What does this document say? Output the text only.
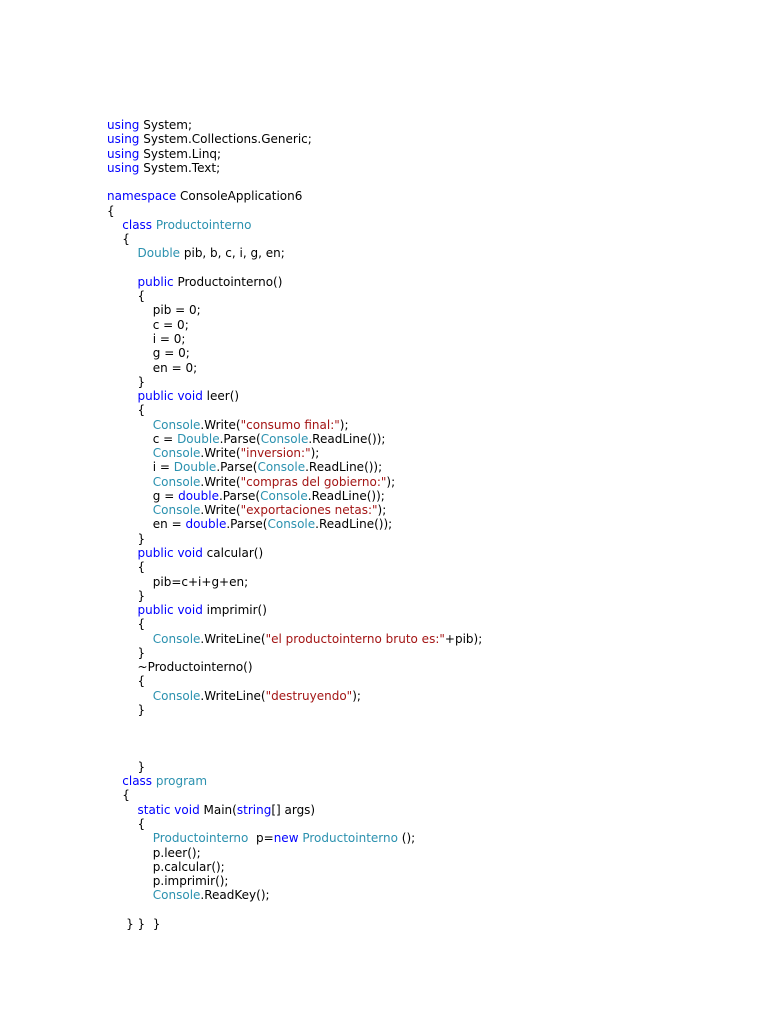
using System;
using System.Collections.Generic;
using System.Linq;
using System.Text;

namespace ConsoleApplication6
{
class Productointerno
{
Double pib, b, c, i, g, en;

public Productointerno()
{
pib = 0;
c = 0;
i = 0;
g = 0;
en = 0;
}
public void leer()
{
Console.Write("consumo final:");
c = Double.Parse(Console.ReadLine());
Console.Write("inversion:");
i = Double.Parse(Console.ReadLine());
Console.Write("compras del gobierno:");
g = double.Parse(Console.ReadLine());
Console.Write("exportaciones netas:");
en = double.Parse(Console.ReadLine());
}
public void calcular()
{
pib=c+i+g+en;
}
public void imprimir()
{
Console.WriteLine("el productointerno bruto es:"+pib);
}
~Productointerno()
{
Console.WriteLine("destruyendo");
}

}
class program
{
static void Main(string[] args)
{
Productointerno  p=new Productointerno ();
p.leer();
p.calcular();
p.imprimir();
Console.ReadKey();

} }  }
